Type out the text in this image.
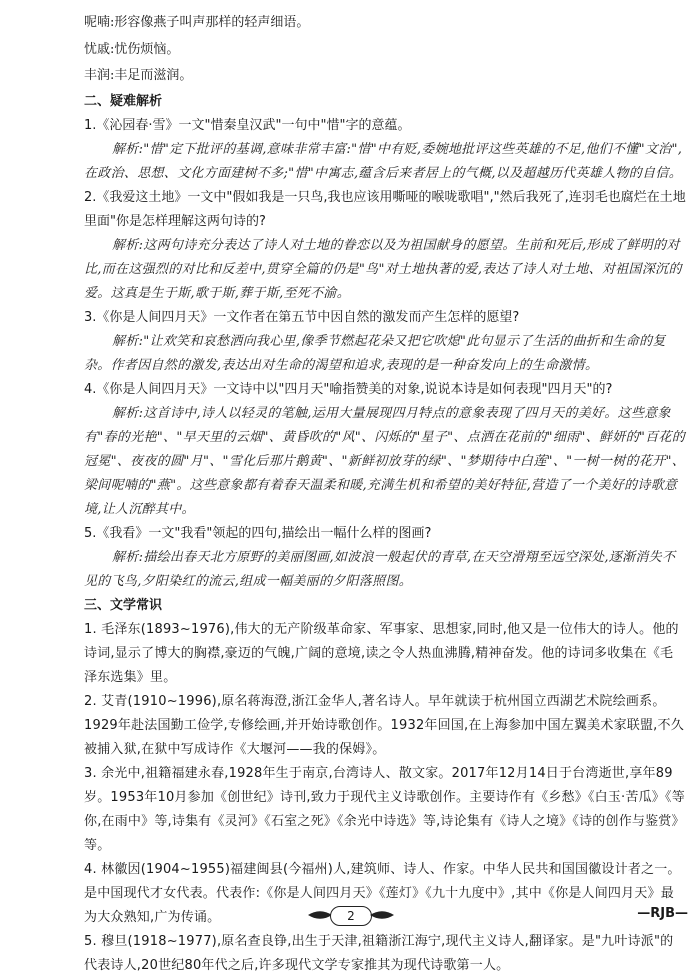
呢喃:形容像燕子叫声那样的轻声细语。

忧戚:忧伤烦恼。

丰润:丰足而滋润。

二、疑难解析

1.《沁园春·雪》一文"惜秦皇汉武"一句中"惜"字的意蕴。

解析:"惜"定下批评的基调,意味非常丰富:"惜"中有贬,委婉地批评这些英雄的不足,他们不懂"文治",在政治、思想、文化方面建树不多;"惜"中寓志,蕴含后来者居上的气概,以及超越历代英雄人物的自信。

2.《我爱这土地》一文中"假如我是一只鸟,我也应该用嘶哑的喉咙歌唱","然后我死了,连羽毛也腐烂在土地里面"你是怎样理解这两句诗的?

解析:这两句诗充分表达了诗人对土地的眷恋以及为祖国献身的愿望。生前和死后,形成了鲜明的对比,而在这强烈的对比和反差中,贯穿全篇的仍是"鸟"对土地执著的爱,表达了诗人对土地、对祖国深沉的爱。这真是生于斯,歌于斯,葬于斯,至死不渝。

3.《你是人间四月天》一文作者在第五节中因自然的激发而产生怎样的愿望?

解析:"让欢笑和哀愁洒向我心里,像季节燃起花朵又把它吹熄"此句显示了生活的曲折和生命的复杂。作者因自然的激发,表达出对生命的渴望和追求,表现的是一种奋发向上的生命激情。

4.《你是人间四月天》一文诗中以"四月天"喻指赞美的对象,说说本诗是如何表现"四月天"的?

解析:这首诗中,诗人以轻灵的笔触,运用大量展现四月特点的意象表现了四月天的美好。这些意象有"春的光艳"、"早天里的云烟"、黄昏吹的"风"、闪烁的"星子"、点洒在花前的"细雨"、鲜妍的"百花的冠冕"、夜夜的圆"月"、"雪化后那片鹅黄"、"新鲜初放芽的绿"、"梦期待中白莲"、"一树一树的花开"、梁间呢喃的"燕"。这些意象都有着春天温柔和暖,充满生机和希望的美好特征,营造了一个美好的诗歌意境,让人沉醉其中。

5.《我看》一文"我看"领起的四句,描绘出一幅什么样的图画?

解析:描绘出春天北方原野的美丽图画,如波浪一般起伏的青草,在天空滑翔至远空深处,逐渐消失不见的飞鸟,夕阳染红的流云,组成一幅美丽的夕阳落照图。

三、文学常识

1. 毛泽东(1893~1976),伟大的无产阶级革命家、军事家、思想家,同时,他又是一位伟大的诗人。他的诗词,显示了博大的胸襟,豪迈的气魄,广阔的意境,读之令人热血沸腾,精神奋发。他的诗词多收集在《毛泽东选集》里。

2. 艾青(1910~1996),原名蒋海澄,浙江金华人,著名诗人。早年就读于杭州国立西湖艺术院绘画系。1929年赴法国勤工俭学,专修绘画,并开始诗歌创作。1932年回国,在上海参加中国左翼美术家联盟,不久被捕入狱,在狱中写成诗作《大堰河——我的保姆》。

3. 余光中,祖籍福建永春,1928年生于南京,台湾诗人、散文家。2017年12月14日于台湾逝世,享年89岁。1953年10月参加《创世纪》诗刊,致力于现代主义诗歌创作。主要诗作有《乡愁》《白玉·苦瓜》《等你,在雨中》等,诗集有《灵河》《石室之死》《余光中诗选》等,诗论集有《诗人之境》《诗的创作与鉴赏》等。

4. 林徽因(1904~1955)福建闽县(今福州)人,建筑师、诗人、作家。中华人民共和国国徽设计者之一。是中国现代才女代表。代表作:《你是人间四月天》《莲灯》《九十九度中》,其中《你是人间四月天》最为大众熟知,广为传诵。

5. 穆旦(1918~1977),原名查良铮,出生于天津,祖籍浙江海宁,现代主义诗人,翻译家。是"九叶诗派"的代表诗人,20世纪80年代之后,许多现代文学专家推其为现代诗歌第一人。

2	—RJB—
